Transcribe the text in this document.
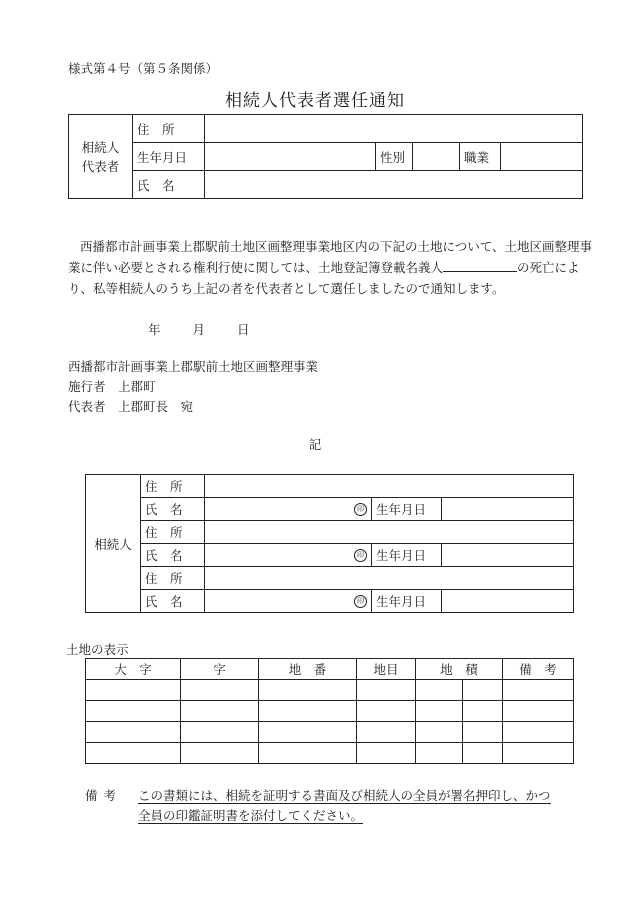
様式第４号（第５条関係）
相続人代表者選任通知
相続人
代表者	住　所					
	生年月日		性別		職業	
	氏　名					
西播都市計画事業上郡駅前土地区画整理事業地区内の下記の土地について、土地区画整理事業に伴い必要とされる権利行使に関しては、土地登記簿登載名義人	の死亡により、私等相続人のうち上記の者を代表者として選任しましたので通知します。
年	月	日
西播都市計画事業上郡駅前土地区画整理事業
施行者　 上郡町
代表者　 上郡町長　宛
記
相続人	住　所			
	氏　名	印	生年月日	
	住　所			
	氏　名	印	生年月日	
	住　所			
	氏　名	印	生年月日	
土地の表示
大　字	字	地　番	地目	地　積		備　考

備考 この書類には、相続を証明する書面及び相続人の全員が署名押印し、かつ
全員の印鑑証明書を添付してください。
